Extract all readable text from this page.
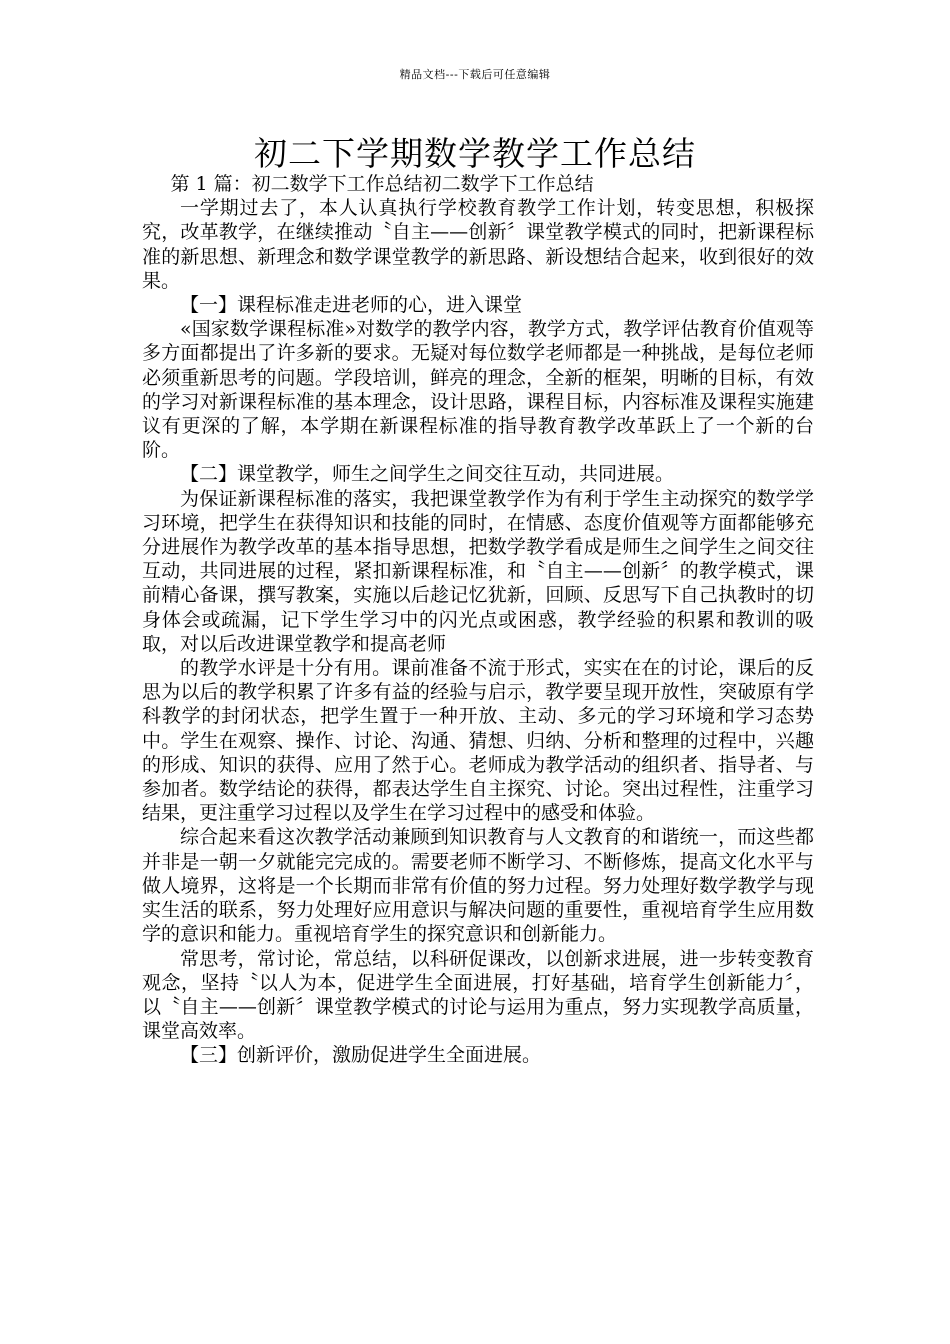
精品文档---下载后可任意编辑
初二下学期数学教学工作总结

第 1 篇：初二数学下工作总结初二数学下工作总结

一学期过去了，本人认真执行学校教育教学工作计划，转变思想，积极探究，改革教学，在继续推动〝自主——创新〞课堂教学模式的同时，把新课程标准的新思想、新理念和数学课堂教学的新思路、新设想结合起来，收到很好的效果。

【一】课程标准走进老师的心，进入课堂

«国家数学课程标准»对数学的教学内容，教学方式，教学评估教育价值观等多方面都提出了许多新的要求。无疑对每位数学老师都是一种挑战，是每位老师必须重新思考的问题。学段培训，鲜亮的理念，全新的框架，明晰的目标，有效的学习对新课程标准的基本理念，设计思路，课程目标，内容标准及课程实施建议有更深的了解，本学期在新课程标准的指导教育教学改革跃上了一个新的台阶。

【二】课堂教学，师生之间学生之间交往互动，共同进展。

为保证新课程标准的落实，我把课堂教学作为有利于学生主动探究的数学学习环境，把学生在获得知识和技能的同时，在情感、态度价值观等方面都能够充分进展作为教学改革的基本指导思想，把数学教学看成是师生之间学生之间交往互动，共同进展的过程，紧扣新课程标准，和〝自主——创新〞的教学模式，课前精心备课，撰写教案，实施以后趁记忆犹新，回顾、反思写下自己执教时的切身体会或疏漏，记下学生学习中的闪光点或困惑，教学经验的积累和教训的吸取，对以后改进课堂教学和提高老师

的教学水评是十分有用。课前准备不流于形式，实实在在的讨论，课后的反思为以后的教学积累了许多有益的经验与启示，教学要呈现开放性，突破原有学科教学的封闭状态，把学生置于一种开放、主动、多元的学习环境和学习态势中。学生在观察、操作、讨论、沟通、猜想、归纳、分析和整理的过程中，兴趣的形成、知识的获得、应用了然于心。老师成为教学活动的组织者、指导者、与参加者。数学结论的获得，都表达学生自主探究、讨论。突出过程性，注重学习结果，更注重学习过程以及学生在学习过程中的感受和体验。

综合起来看这次教学活动兼顾到知识教育与人文教育的和谐统一，而这些都并非是一朝一夕就能完完成的。需要老师不断学习、不断修炼，提高文化水平与做人境界，这将是一个长期而非常有价值的努力过程。努力处理好数学教学与现实生活的联系，努力处理好应用意识与解决问题的重要性，重视培育学生应用数学的意识和能力。重视培育学生的探究意识和创新能力。

常思考，常讨论，常总结，以科研促课改，以创新求进展，进一步转变教育观念，坚持〝以人为本，促进学生全面进展，打好基础，培育学生创新能力〞，以〝自主——创新〞课堂教学模式的讨论与运用为重点，努力实现教学高质量，课堂高效率。

【三】创新评价，激励促进学生全面进展。
